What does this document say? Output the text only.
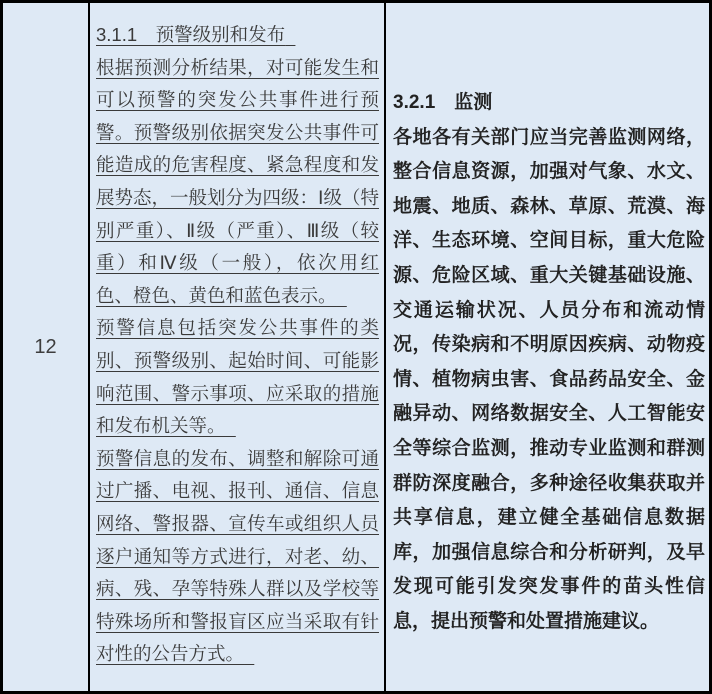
12

3.1.1　预警级别和发布

根据预测分析结果，对可能发生和可以预警的突发公共事件进行预警。预警级别依据突发公共事件可能造成的危害程度、紧急程度和发展势态，一般划分为四级：Ⅰ级（特别严重）、Ⅱ级（严重）、Ⅲ级（较重）和Ⅳ级（一般），依次用红色、橙色、黄色和蓝色表示。

预警信息包括突发公共事件的类别、预警级别、起始时间、可能影响范围、警示事项、应采取的措施和发布机关等。

预警信息的发布、调整和解除可通过广播、电视、报刊、通信、信息网络、警报器、宣传车或组织人员逐户通知等方式进行，对老、幼、病、残、孕等特殊人群以及学校等特殊场所和警报盲区应当采取有针对性的公告方式。

3.2.1　监测

各地各有关部门应当完善监测网络，整合信息资源，加强对气象、水文、地震、地质、森林、草原、荒漠、海洋、生态环境、空间目标，重大危险源、危险区域、重大关键基础设施、交通运输状况、人员分布和流动情况，传染病和不明原因疾病、动物疫情、植物病虫害、食品药品安全、金融异动、网络数据安全、人工智能安全等综合监测，推动专业监测和群测群防深度融合，多种途径收集获取并共享信息，建立健全基础信息数据库，加强信息综合和分析研判，及早发现可能引发突发事件的苗头性信息，提出预警和处置措施建议。
